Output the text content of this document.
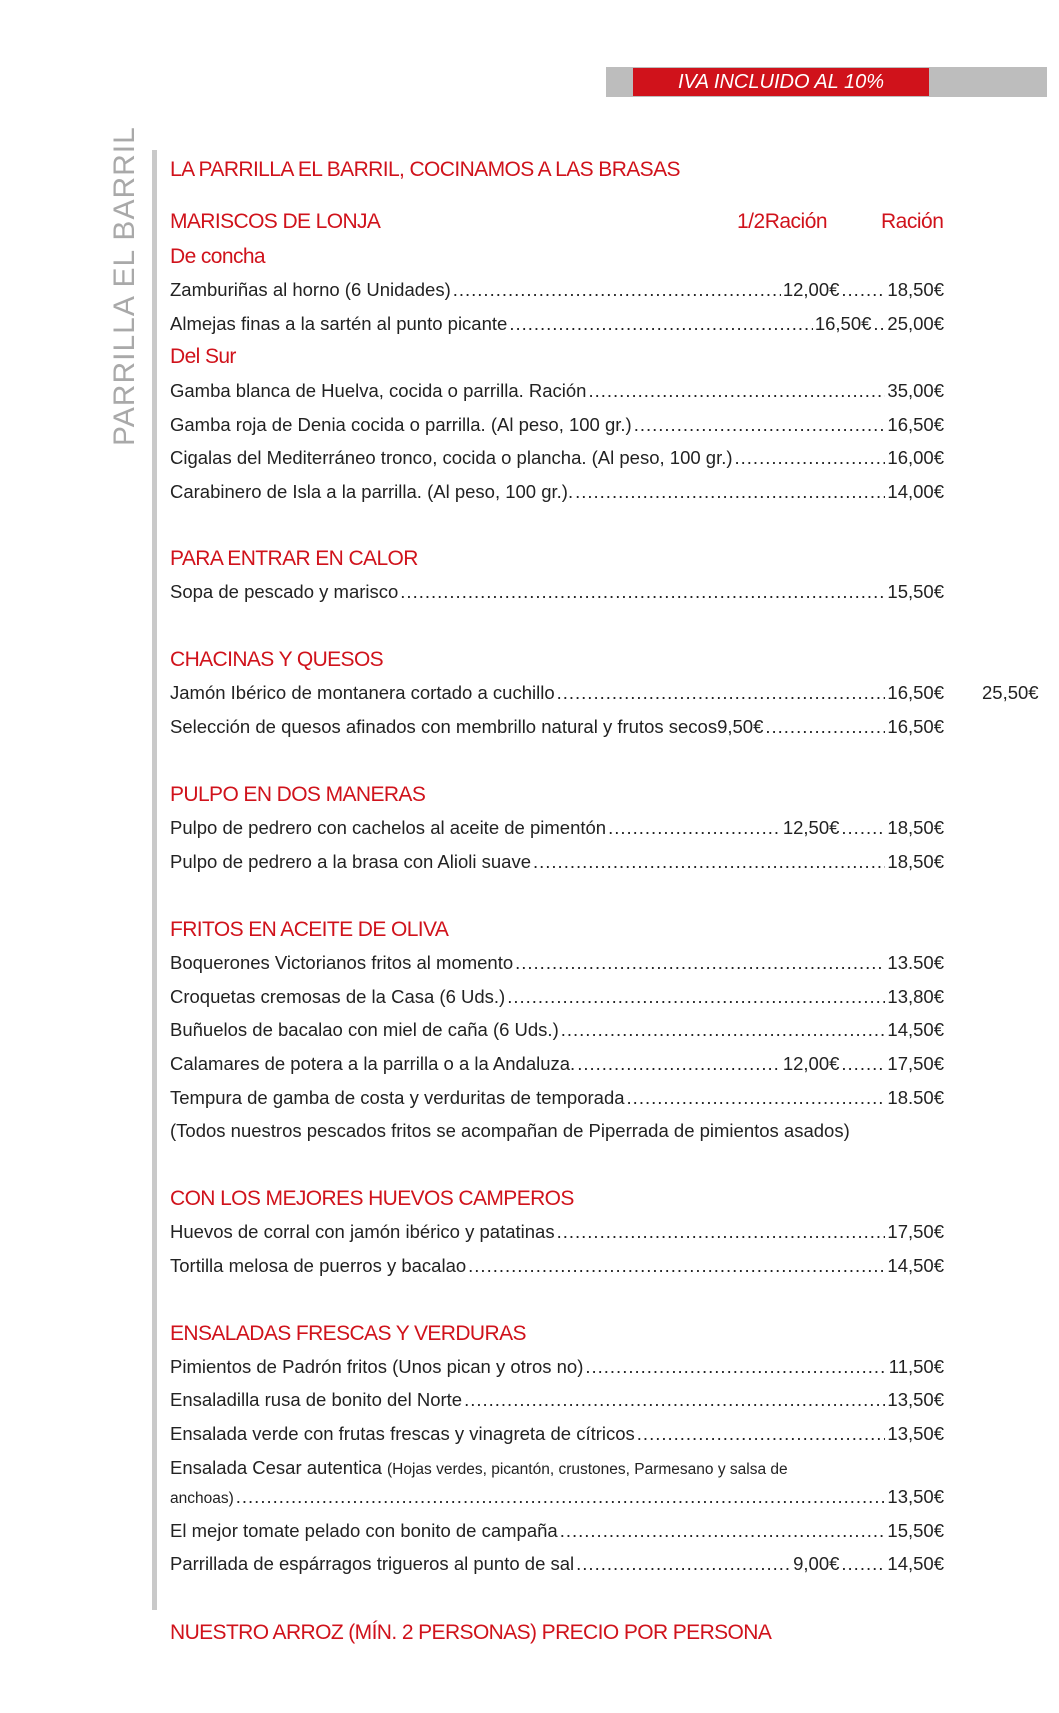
IVA INCLUIDO AL 10%
PARRILLA EL BARRIL LA PARRILLA EL BARRIL, COCINAMOS A LAS BRASAS
MARISCOS DE LONJA	1/2Ración	Ración
De concha
Zamburiñas al horno (6 Unidades) .....	12,00€ .....	18,50€
Almejas finas a la sartén al punto picante .....	16,50€ ..... 25,00€
Del Sur
Gamba blanca de Huelva, cocida o parrilla. Ración .....	35,00€
Gamba roja de Denia cocida o parrilla. (Al peso, 100 gr.) .....	16,50€
Cigalas del Mediterráneo tronco, cocida o plancha. (Al peso, 100 gr.) .....	16,00€
Carabinero de Isla a la parrilla. (Al peso, 100 gr.). .....	14,00€
PARA ENTRAR EN CALOR
Sopa de pescado y marisco .....	15,50€
CHACINAS Y QUESOS
Jamón Ibérico de montanera cortado a cuchillo .....	16,50€ 25,50€
Selección de quesos afinados con membrillo natural y frutos secos 9,50€ .....	16,50€
PULPO EN DOS MANERAS
Pulpo de pedrero con cachelos al aceite de pimentón .....	12,50€ .....	18,50€
Pulpo de pedrero a la brasa con Alioli suave .....	18,50€
FRITOS EN ACEITE DE OLIVA
Boquerones Victorianos fritos al momento .....	13.50€
Croquetas cremosas de la Casa (6 Uds.) .....	13,80€
Buñuelos de bacalao con miel de caña (6 Uds.) .....	14,50€
Calamares de potera a la parrilla o a la Andaluza. .....	12,00€ .....	17,50€
Tempura de gamba de costa y verduritas de temporada .....	18.50€
(Todos nuestros pescados fritos se acompañan de Piperrada de pimientos asados)
CON LOS MEJORES HUEVOS CAMPEROS
Huevos de corral con jamón ibérico y patatinas .....	17,50€
Tortilla melosa de puerros y bacalao .....	14,50€
ENSALADAS FRESCAS Y VERDURAS
Pimientos de Padrón fritos (Unos pican y otros no) .....	11,50€
Ensaladilla rusa de bonito del Norte .....	13,50€
Ensalada verde con frutas frescas y vinagreta de cítricos .....	13,50€
Ensalada Cesar autentica (Hojas verdes, picantón, crustones, Parmesano y salsa de
anchoas) .....	13,50€
El mejor tomate pelado con bonito de campaña .....	15,50€
Parrillada de espárragos trigueros al punto de sal .....	9,00€ .....	14,50€
NUESTRO ARROZ (MÍN. 2 PERSONAS) PRECIO POR PERSONA
